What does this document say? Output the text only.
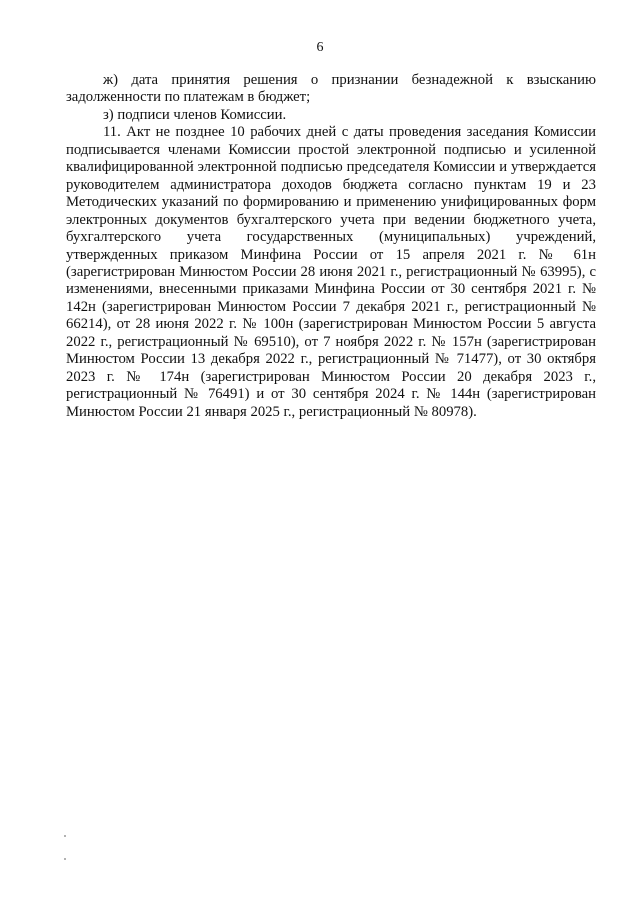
6

ж) дата принятия решения о признании безнадежной к взысканию задолженности по платежам в бюджет;

з) подписи членов Комиссии.

11. Акт не позднее 10 рабочих дней с даты проведения заседания Комиссии подписывается членами Комиссии простой электронной подписью и усиленной квалифицированной электронной подписью председателя Комиссии и утверждается руководителем администратора доходов бюджета согласно пунктам 19 и 23 Методических указаний по формированию и применению унифицированных форм электронных документов бухгалтерского учета при ведении бюджетного учета, бухгалтерского учета государственных (муниципальных) учреждений, утвержденных приказом Минфина России от 15 апреля 2021 г. № 61н (зарегистрирован Минюстом России 28 июня 2021 г., регистрационный № 63995), с изменениями, внесенными приказами Минфина России от 30 сентября 2021 г. № 142н (зарегистрирован Минюстом России 7 декабря 2021 г., регистрационный № 66214), от 28 июня 2022 г. № 100н (зарегистрирован Минюстом России 5 августа 2022 г., регистрационный № 69510), от 7 ноября 2022 г. № 157н (зарегистрирован Минюстом России 13 декабря 2022 г., регистрационный № 71477), от 30 октября 2023 г. № 174н (зарегистрирован Минюстом России 20 декабря 2023 г., регистрационный № 76491) и от 30 сентября 2024 г. № 144н (зарегистрирован Минюстом России 21 января 2025 г., регистрационный № 80978).
